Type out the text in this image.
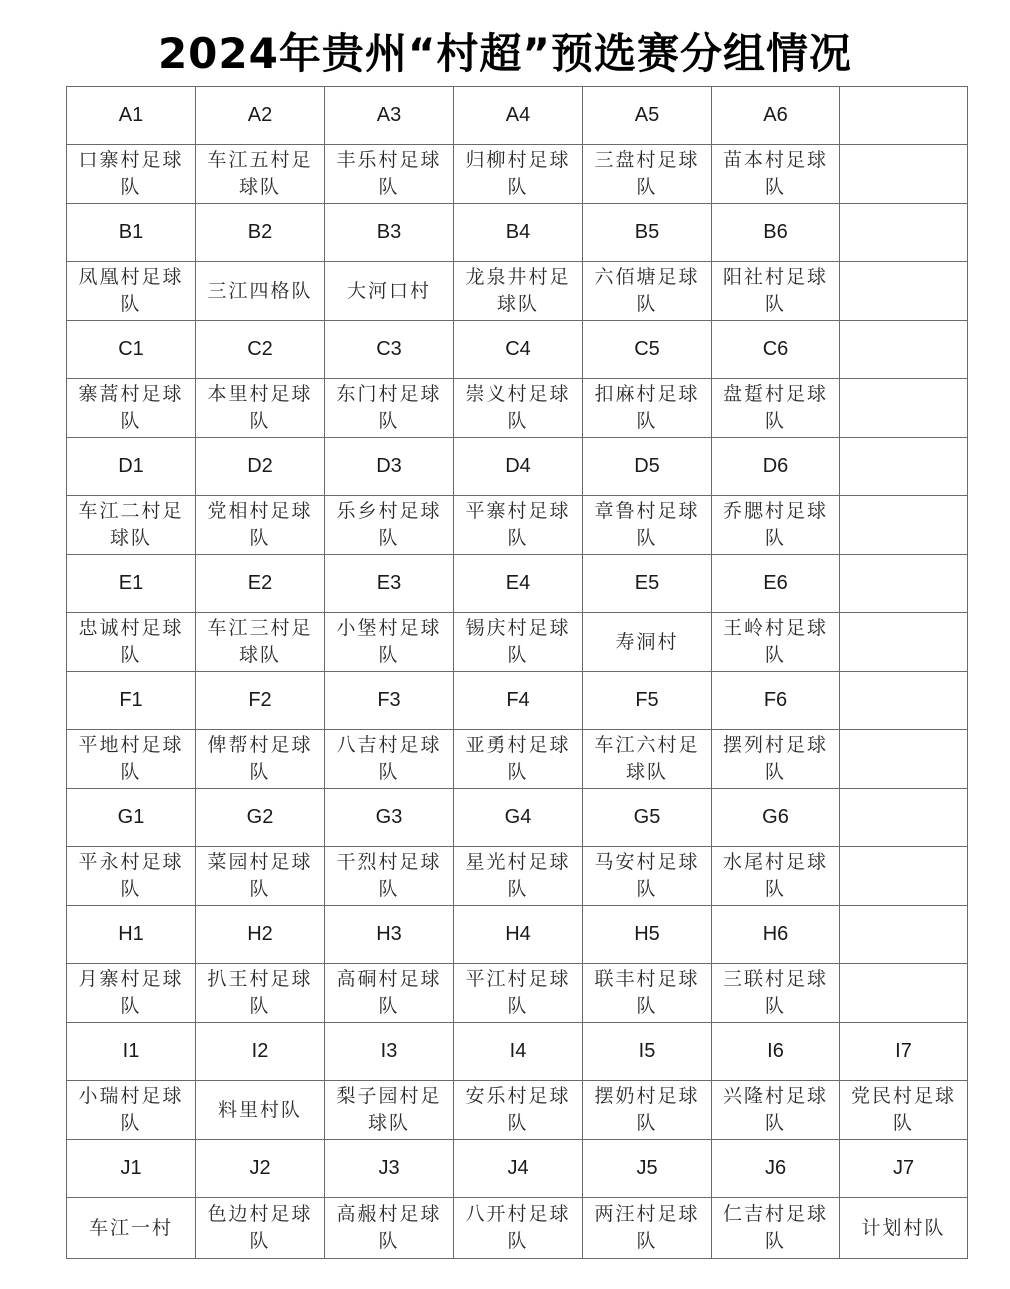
2024年贵州“村超”预选赛分组情况
A1	A2	A3	A4	A5	A6	
口寨村足球队	车江五村足球队	丰乐村足球队	归柳村足球队	三盘村足球队	苗本村足球队	
B1	B2	B3	B4	B5	B6	
凤凰村足球队	三江四格队	大河口村	龙泉井村足球队	六佰塘足球队	阳社村足球队	
C1	C2	C3	C4	C5	C6	
寨蒿村足球队	本里村足球队	东门村足球队	崇义村足球队	扣麻村足球队	盘踅村足球队	
D1	D2	D3	D4	D5	D6	
车江二村足球队	党相村足球队	乐乡村足球队	平寨村足球队	章鲁村足球队	乔腮村足球队	
E1	E2	E3	E4	E5	E6	
忠诚村足球队	车江三村足球队	小堡村足球队	锡庆村足球队	寿洞村	王岭村足球队	
F1	F2	F3	F4	F5	F6	
平地村足球队	俾帮村足球队	八吉村足球队	亚勇村足球队	车江六村足球队	摆列村足球队	
G1	G2	G3	G4	G5	G6	
平永村足球队	菜园村足球队	干烈村足球队	星光村足球队	马安村足球队	水尾村足球队	
H1	H2	H3	H4	H5	H6	
月寨村足球队	扒王村足球队	高硐村足球队	平江村足球队	联丰村足球队	三联村足球队	
I1	I2	I3	I4	I5	I6	I7
小瑞村足球队	料里村队	梨子园村足球队	安乐村足球队	摆奶村足球队	兴隆村足球队	党民村足球队
J1	J2	J3	J4	J5	J6	J7
车江一村	色边村足球队	高赧村足球队	八开村足球队	两汪村足球队	仁吉村足球队	计划村队
